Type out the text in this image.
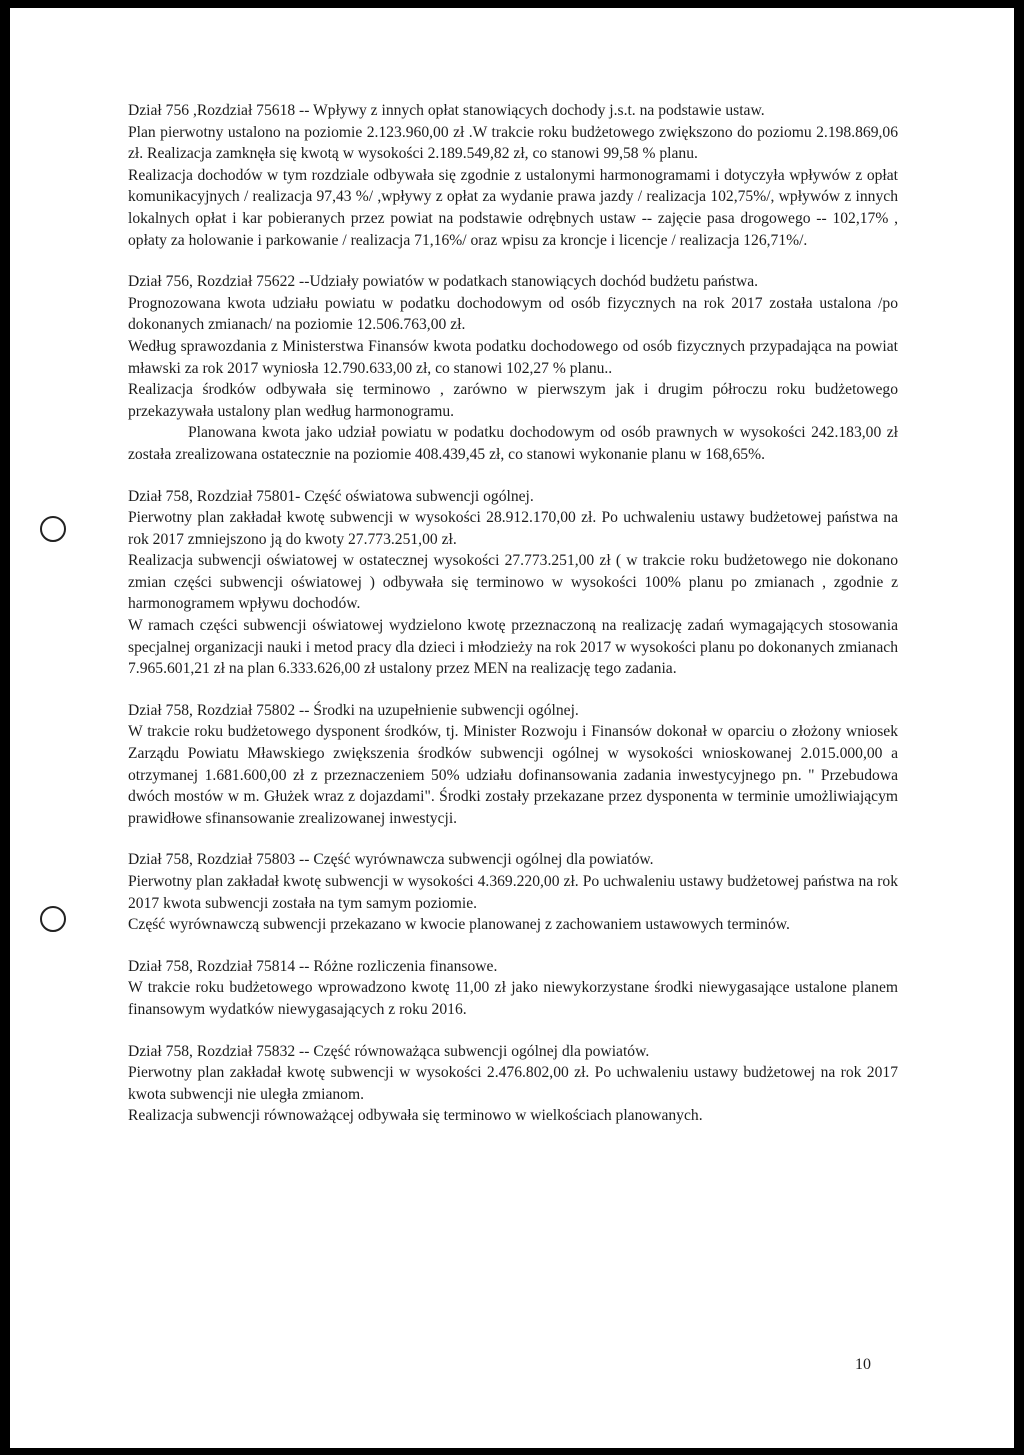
Dział 756 ,Rozdział 75618 -- Wpływy z innych opłat stanowiących dochody j.s.t. na podstawie ustaw.

Plan pierwotny ustalono na poziomie 2.123.960,00 zł .W trakcie roku budżetowego zwiększono do poziomu 2.198.869,06 zł. Realizacja zamknęła się kwotą w wysokości 2.189.549,82 zł, co stanowi 99,58 % planu.

Realizacja dochodów w tym rozdziale odbywała się zgodnie z ustalonymi harmonogramami i dotyczyła wpływów z opłat komunikacyjnych / realizacja 97,43 %/ ,wpływy z opłat za wydanie prawa jazdy / realizacja 102,75%/, wpływów z innych lokalnych opłat i kar pobieranych przez powiat na podstawie odrębnych ustaw -- zajęcie pasa drogowego -- 102,17% , opłaty za holowanie i parkowanie / realizacja 71,16%/ oraz wpisu za kroncje i licencje / realizacja 126,71%/.

Dział 756, Rozdział 75622 --Udziały powiatów w podatkach stanowiących dochód budżetu państwa.

Prognozowana kwota udziału powiatu w podatku dochodowym od osób fizycznych na rok 2017 została ustalona /po dokonanych zmianach/ na poziomie 12.506.763,00 zł.

Według sprawozdania z Ministerstwa Finansów kwota podatku dochodowego od osób fizycznych przypadająca na powiat mławski za rok 2017 wyniosła 12.790.633,00 zł, co stanowi 102,27 % planu..

Realizacja środków odbywała się terminowo , zarówno w pierwszym jak i drugim półroczu roku budżetowego przekazywała ustalony plan według harmonogramu.

Planowana kwota jako udział powiatu w podatku dochodowym od osób prawnych w wysokości 242.183,00 zł została zrealizowana ostatecznie na poziomie 408.439,45 zł, co stanowi wykonanie planu w 168,65%.

Dział 758, Rozdział 75801- Część oświatowa subwencji ogólnej.

Pierwotny plan zakładał kwotę subwencji w wysokości 28.912.170,00 zł. Po uchwaleniu ustawy budżetowej państwa na rok 2017 zmniejszono ją do kwoty 27.773.251,00 zł.

Realizacja subwencji oświatowej w ostatecznej wysokości 27.773.251,00 zł ( w trakcie roku budżetowego nie dokonano zmian części subwencji oświatowej ) odbywała się terminowo w wysokości 100% planu po zmianach , zgodnie z harmonogramem wpływu dochodów.

W ramach części subwencji oświatowej wydzielono kwotę przeznaczoną na realizację zadań wymagających stosowania specjalnej organizacji nauki i metod pracy dla dzieci i młodzieży na rok 2017 w wysokości planu po dokonanych zmianach 7.965.601,21 zł na plan 6.333.626,00 zł ustalony przez MEN na realizację tego zadania.

Dział 758, Rozdział 75802 -- Środki na uzupełnienie subwencji ogólnej.

W trakcie roku budżetowego dysponent środków, tj. Minister Rozwoju i Finansów dokonał w oparciu o złożony wniosek Zarządu Powiatu Mławskiego zwiększenia środków subwencji ogólnej w wysokości wnioskowanej 2.015.000,00 a otrzymanej 1.681.600,00 zł z przeznaczeniem 50% udziału dofinansowania zadania inwestycyjnego pn. " Przebudowa dwóch mostów w m. Głużek wraz z dojazdami". Środki zostały przekazane przez dysponenta w terminie umożliwiającym prawidłowe sfinansowanie zrealizowanej inwestycji.

Dział 758, Rozdział 75803 -- Część wyrównawcza subwencji ogólnej dla powiatów.

Pierwotny plan zakładał kwotę subwencji w wysokości 4.369.220,00 zł. Po uchwaleniu ustawy budżetowej państwa na rok 2017 kwota subwencji została na tym samym poziomie.

Część wyrównawczą subwencji przekazano w kwocie planowanej z zachowaniem ustawowych terminów.

Dział 758, Rozdział 75814 -- Różne rozliczenia finansowe.

W trakcie roku budżetowego wprowadzono kwotę 11,00 zł jako niewykorzystane środki niewygasające ustalone planem finansowym wydatków niewygasających z roku 2016.

Dział 758, Rozdział 75832 -- Część równoważąca subwencji ogólnej dla powiatów.

Pierwotny plan zakładał kwotę subwencji w wysokości 2.476.802,00 zł. Po uchwaleniu ustawy budżetowej na rok 2017 kwota subwencji nie uległa zmianom.

Realizacja subwencji równoważącej odbywała się terminowo w wielkościach planowanych.

10
